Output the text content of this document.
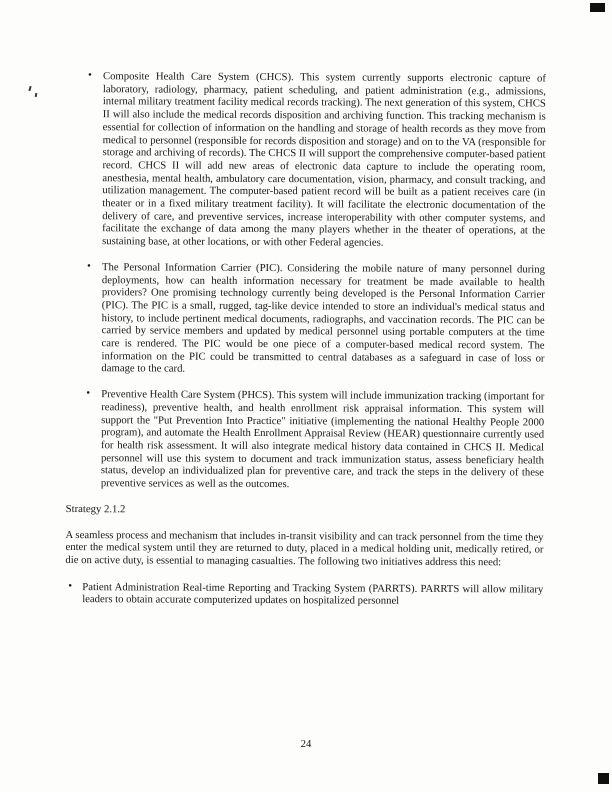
• Composite Health Care System (CHCS). This system currently supports electronic capture of laboratory, radiology, pharmacy, patient scheduling, and patient administration (e.g., admissions, internal military treatment facility medical records tracking). The next generation of this system, CHCS II will also include the medical records disposition and archiving function. This tracking mechanism is essential for collection of information on the handling and storage of health records as they move from medical to personnel (responsible for records disposition and storage) and on to the VA (responsible for storage and archiving of records). The CHCS II will support the comprehensive computer-based patient record. CHCS II will add new areas of electronic data capture to include the operating room, anesthesia, mental health, ambulatory care documentation, vision, pharmacy, and consult tracking, and utilization management. The computer-based patient record will be built as a patient receives care (in theater or in a fixed military treatment facility). It will facilitate the electronic documentation of the delivery of care, and preventive services, increase interoperability with other computer systems, and facilitate the exchange of data among the many players whether in the theater of operations, at the sustaining base, at other locations, or with other Federal agencies.
• The Personal Information Carrier (PIC). Considering the mobile nature of many personnel during deployments, how can health information necessary for treatment be made available to health providers? One promising technology currently being developed is the Personal Information Carrier (PIC). The PIC is a small, rugged, tag-like device intended to store an individual's medical status and history, to include pertinent medical documents, radiographs, and vaccination records. The PIC can be carried by service members and updated by medical personnel using portable computers at the time care is rendered. The PIC would be one piece of a computer-based medical record system. The information on the PIC could be transmitted to central databases as a safeguard in case of loss or damage to the card.
• Preventive Health Care System (PHCS). This system will include immunization tracking (important for readiness), preventive health, and health enrollment risk appraisal information. This system will support the "Put Prevention Into Practice" initiative (implementing the national Healthy People 2000 program), and automate the Health Enrollment Appraisal Review (HEAR) questionnaire currently used for health risk assessment. It will also integrate medical history data contained in CHCS II. Medical personnel will use this system to document and track immunization status, assess beneficiary health status, develop an individualized plan for preventive care, and track the steps in the delivery of these preventive services as well as the outcomes.

Strategy 2.1.2

A seamless process and mechanism that includes in-transit visibility and can track personnel from the time they enter the medical system until they are returned to duty, placed in a medical holding unit, medically retired, or die on active duty, is essential to managing casualties. The following two initiatives address this need:

• Patient Administration Real-time Reporting and Tracking System (PARRTS). PARRTS will allow military leaders to obtain accurate computerized updates on hospitalized personnel
24
